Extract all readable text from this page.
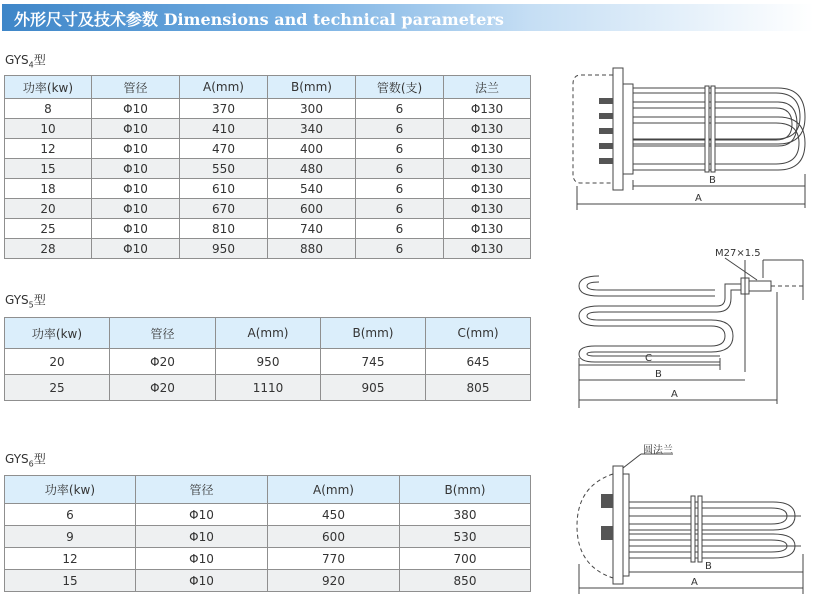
外形尺寸及技术参数 Dimensions and technical parameters
$GYS_4$型
功率(kw)	管径	A(mm)	B(mm)	管数(支)	法兰
8	Φ10	370	300	6	Φ130
10	Φ10	410	340	6	Φ130
12	Φ10	470	400	6	Φ130
15	Φ10	550	480	6	Φ130
18	Φ10	610	540	6	Φ130
20	Φ10	670	600	6	Φ130
25	Φ10	810	740	6	Φ130
28	Φ10	950	880	6	Φ130
$GYS_5$型
功率(kw)	管径	A(mm)	B(mm)	C(mm)
20	Φ20	950	745	645
25	Φ20	1110	905	805
$GYS_6$型
功率(kw)	管径	A(mm)	B(mm)
6	Φ10	450	380
9	Φ10	600	530
12	Φ10	770	700
15	Φ10	920	850
B
A
M27×1.5
C
B
A
圆法兰
B
A
